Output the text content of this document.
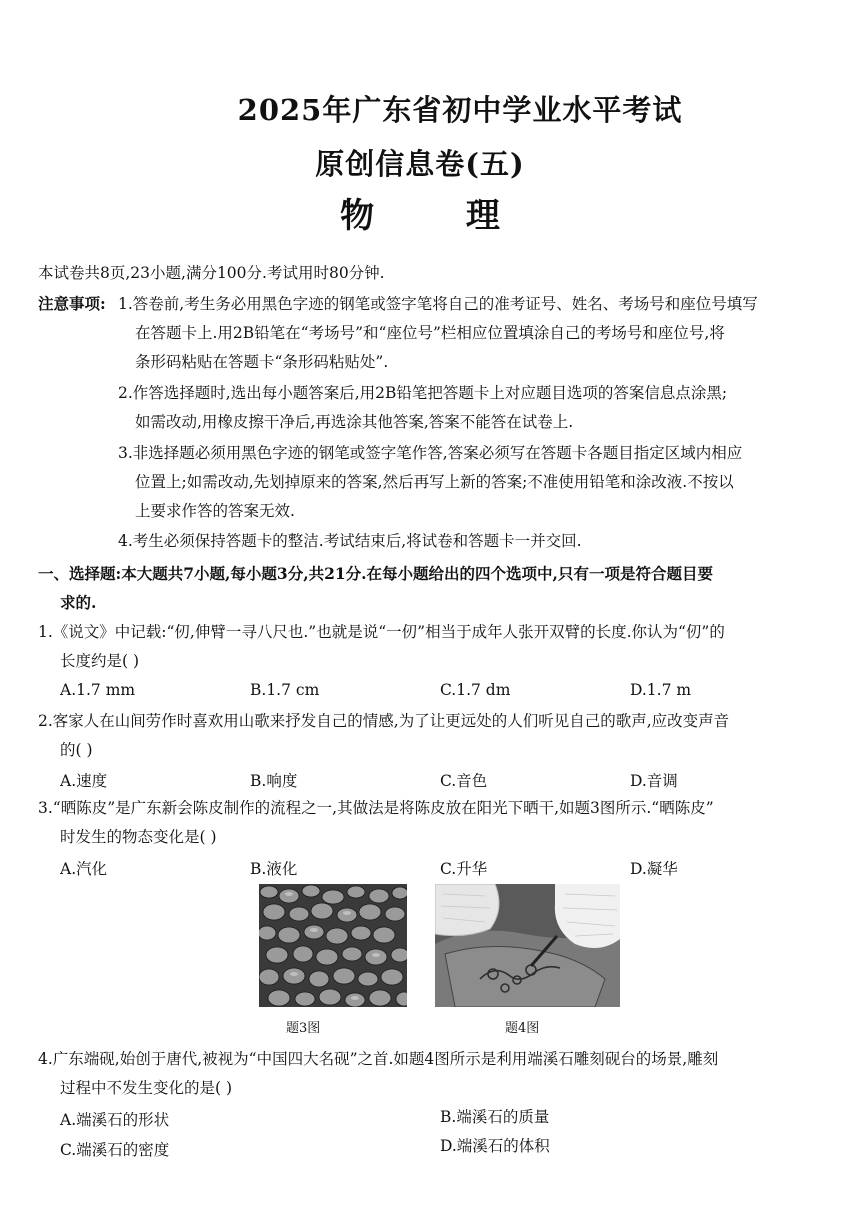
2025年广东省初中学业水平考试
原创信息卷(五)
物 理
本试卷共8页,23小题,满分100分.考试用时80分钟.
注意事项: 1.答卷前,考生务必用黑色字迹的钢笔或签字笔将自己的准考证号、姓名、考场号和座位号填写
在答题卡上.用2B铅笔在“考场号”和“座位号”栏相应位置填涂自己的考场号和座位号,将
条形码粘贴在答题卡“条形码粘贴处”.
2.作答选择题时,选出每小题答案后,用2B铅笔把答题卡上对应题目选项的答案信息点涂黑;
如需改动,用橡皮擦干净后,再选涂其他答案,答案不能答在试卷上.
3.非选择题必须用黑色字迹的钢笔或签字笔作答,答案必须写在答题卡各题目指定区域内相应
位置上;如需改动,先划掉原来的答案,然后再写上新的答案;不准使用铅笔和涂改液.不按以
上要求作答的答案无效.
4.考生必须保持答题卡的整洁.考试结束后,将试卷和答题卡一并交回.
一、选择题:本大题共7小题,每小题3分,共21分.在每小题给出的四个选项中,只有一项是符合题目要
求的.
1.《说文》中记载:“仞,伸臂一寻八尺也.”也就是说“一仞”相当于成年人张开双臂的长度.你认为“仞”的
长度约是( )
A.1.7 mm	B.1.7 cm	C.1.7 dm	D.1.7 m
2.客家人在山间劳作时喜欢用山歌来抒发自己的情感,为了让更远处的人们听见自己的歌声,应改变声音
的( )
A.速度	B.响度	C.音色	D.音调
3.“晒陈皮”是广东新会陈皮制作的流程之一,其做法是将陈皮放在阳光下晒干,如题3图所示.“晒陈皮”
时发生的物态变化是( )
A.汽化	B.液化	C.升华	D.凝华
题3图	题4图
4.广东端砚,始创于唐代,被视为“中国四大名砚”之首.如题4图所示是利用端溪石雕刻砚台的场景,雕刻
过程中不发生变化的是( )
A.端溪石的形状	B.端溪石的质量
C.端溪石的密度	D.端溪石的体积
